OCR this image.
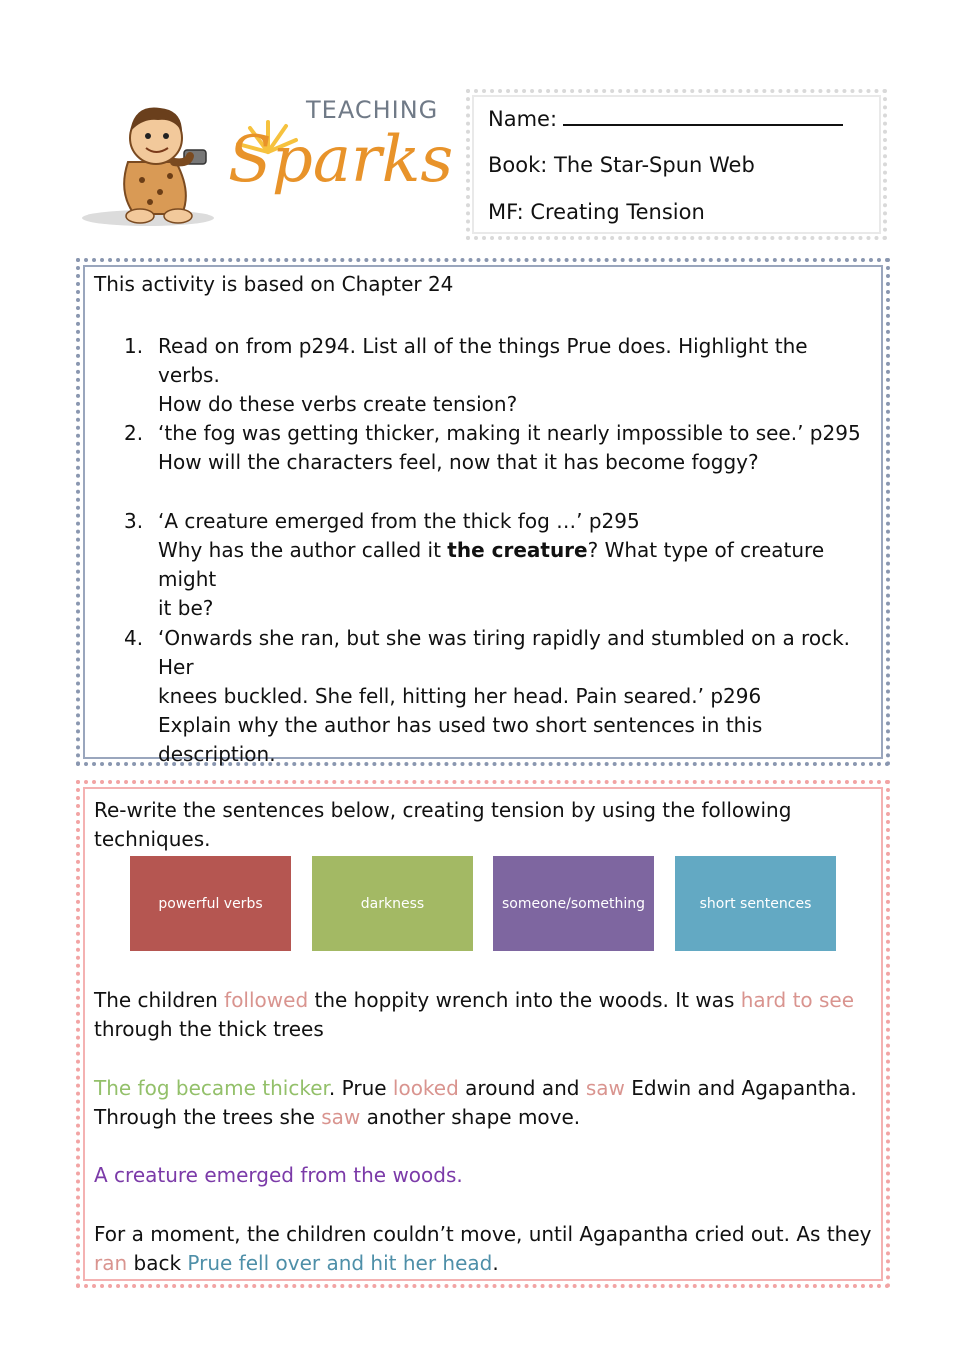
TEACHING
Sparks
Name:
Book: The Star-Spun Web
MF: Creating Tension
This activity is based on Chapter 24
1. Read on from p294. List all of the things Prue does. Highlight the verbs.
How do these verbs create tension?
2. ‘the fog was getting thicker, making it nearly impossible to see.’ p295
How will the characters feel, now that it has become foggy?
3. ‘A creature emerged from the thick fog …’ p295
Why has the author called it the creature? What type of creature might
it be?
4. ‘Onwards she ran, but she was tiring rapidly and stumbled on a rock. Her
knees buckled. She fell, hitting her head. Pain seared.’ p296
Explain why the author has used two short sentences in this description.
Re-write the sentences below, creating tension by using the following techniques.
powerful verbs	darkness	someone/something	short sentences
The children followed the hoppity wrench into the woods. It was hard to see
through the thick trees
The fog became thicker. Prue looked around and saw Edwin and Agapantha.
Through the trees she saw another shape move.
A creature emerged from the woods.
For a moment, the children couldn’t move, until Agapantha cried out. As they
ran back Prue fell over and hit her head.
